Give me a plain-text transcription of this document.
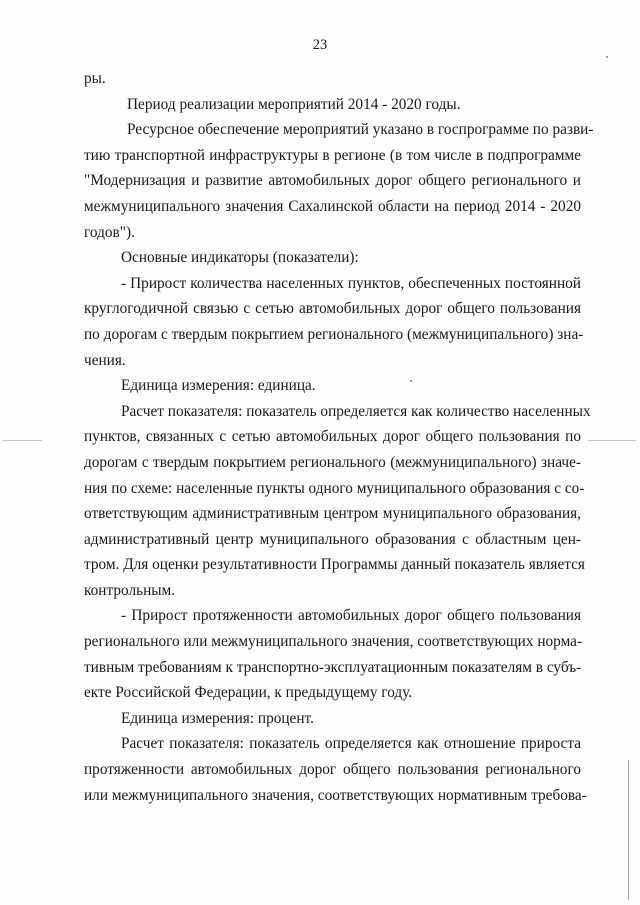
23
ры.
Период реализации мероприятий 2014 - 2020 годы.
Ресурсное обеспечение мероприятий указано в госпрограмме по разви-
тию транспортной инфраструктуры в регионе (в том числе в подпрограмме
"Модернизация и развитие автомобильных дорог общего регионального и
межмуниципального значения Сахалинской области на период 2014 - 2020
годов").
Основные индикаторы (показатели):
- Прирост количества населенных пунктов, обеспеченных постоянной
круглогодичной связью с сетью автомобильных дорог общего пользования
по дорогам с твердым покрытием регионального (межмуниципального) зна-
чения.
Единица измерения: единица.
Расчет показателя: показатель определяется как количество населенных
пунктов, связанных с сетью автомобильных дорог общего пользования по
дорогам с твердым покрытием регионального (межмуниципального) значе-
ния по схеме: населенные пункты одного муниципального образования с со-
ответствующим административным центром муниципального образования,
административный центр муниципального образования с областным цен-
тром. Для оценки результативности Программы данный показатель является
контрольным.
- Прирост протяженности автомобильных дорог общего пользования
регионального или межмуниципального значения, соответствующих норма-
тивным требованиям к транспортно-эксплуатационным показателям в субъ-
екте Российской Федерации, к предыдущему году.
Единица измерения: процент.
Расчет показателя: показатель определяется как отношение прироста
протяженности автомобильных дорог общего пользования регионального
или межмуниципального значения, соответствующих нормативным требова-
